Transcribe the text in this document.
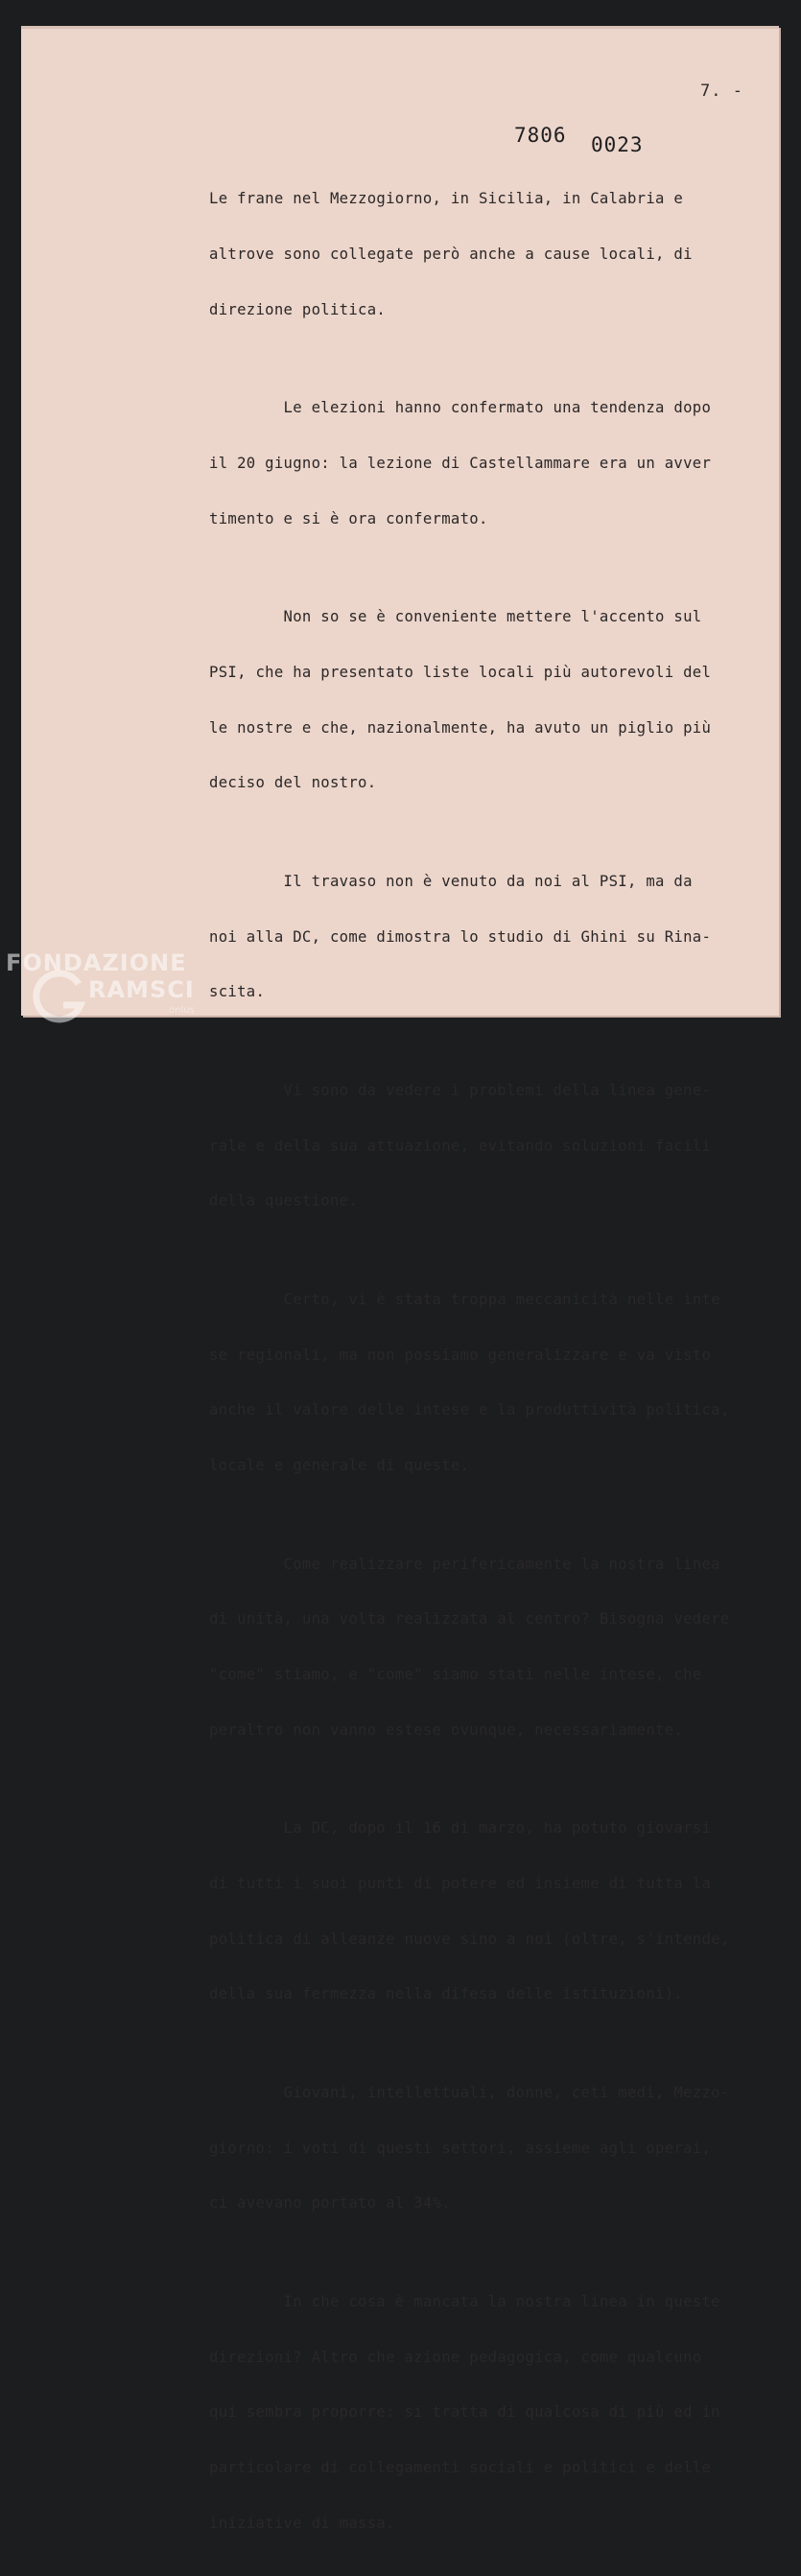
7. -
7806 0023

Le frane nel Mezzogiorno, in Sicilia, in Calabria e

altrove sono collegate però anche a cause locali, di

direzione politica.

Le elezioni hanno confermato una tendenza dopo

il 20 giugno: la lezione di Castellammare era un avver

timento e si è ora confermato.

Non so se è conveniente mettere l'accento sul

PSI, che ha presentato liste locali più autorevoli del

le nostre e che, nazionalmente, ha avuto un piglio più

deciso del nostro.

Il travaso non è venuto da noi al PSI, ma da

noi alla DC, come dimostra lo studio di Ghini su Rina-

scita.

Vi sono da vedere i problemi della linea gene-

rale e della sua attuazione, evitando soluzioni facili

della questione.

Certo, vi è stata troppa meccanicità nelle inte

se regionali, ma non possiamo generalizzare e va visto

anche il valore delle intese e la produttività politica,

locale e generale di queste.

Come realizzare perifericamente la nostra linea

di unità, una volta realizzata al centro? Bisogna vedere

"come" stiamo, e "come" siamo stati nelle intese, che

peraltro non vanno estese ovunque, necessariamente.

La DC, dopo il 16 di marzo, ha potuto giovarsi

di tutti i suoi punti di potere ed insieme di tutta la

politica di alleanze nuove sino a noi (oltre, s'intende,

della sua fermezza nella difesa delle istituzioni).

Giovani, intellettuali, donne, ceti medi, Mezzo-

giorno: i voti di questi settori, assieme agli operai,

ci avevano portato al 34%.

In che cosa è mancata la nostra linea in queste

direzioni? Altro che azione pedagogica, come qualcuno

qui sembra proporre: si tratta di qualcosa di più ed in

particolare di collegamenti sociali e politici e delle

iniziative di massa.

FONDAZIONE
RAMSCI
onlus
